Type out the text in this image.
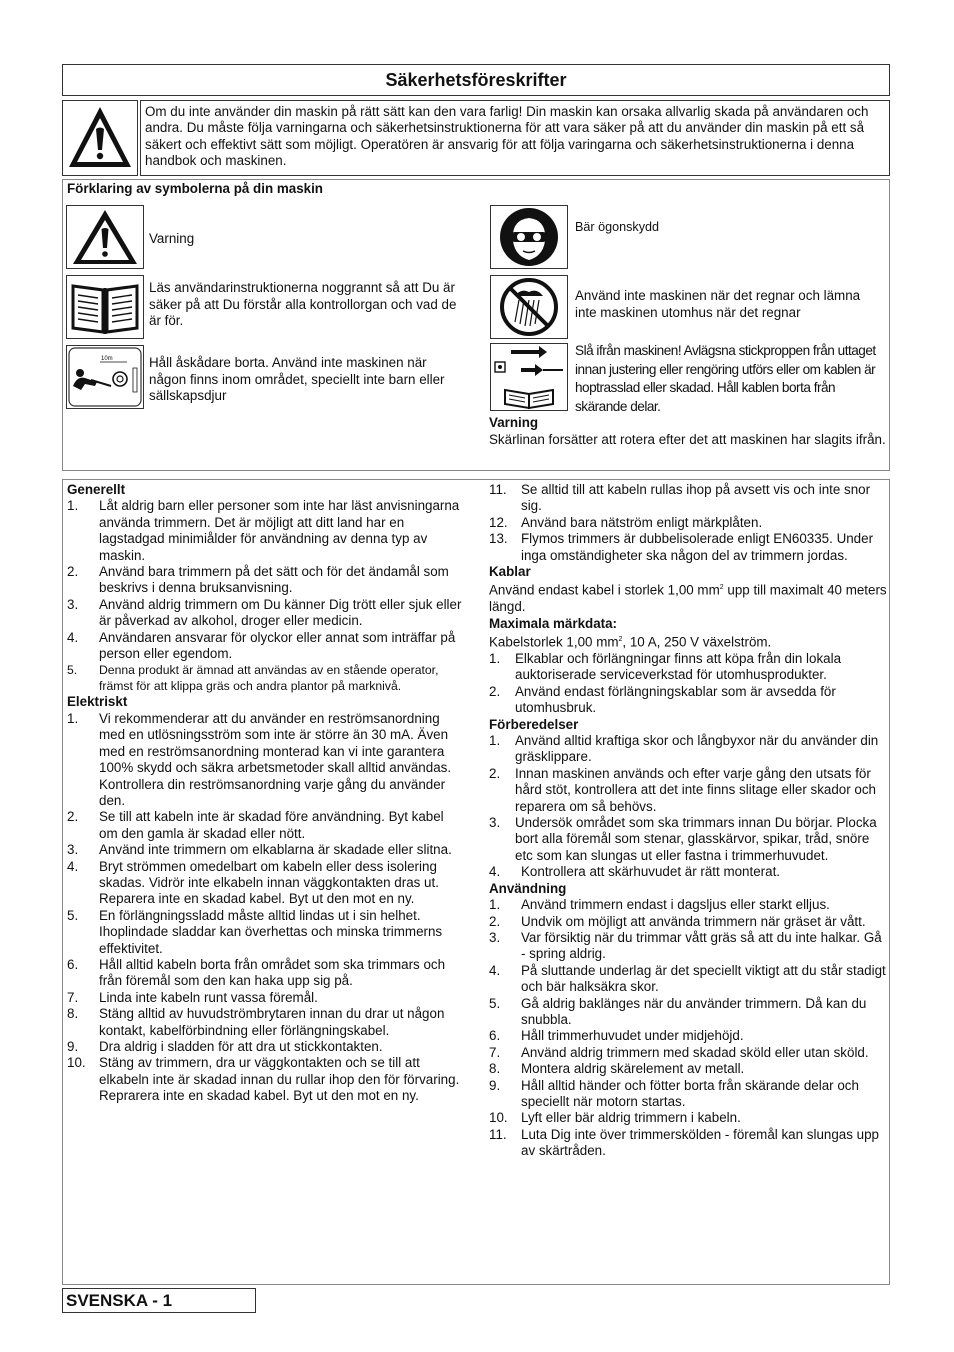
Säkerhetsföreskrifter
Om du inte använder din maskin på rätt sätt kan den vara farlig! Din maskin kan orsaka allvarlig skada på användaren och andra. Du måste följa varningarna och säkerhetsinstruktionerna för att vara säker på att du använder din maskin på ett så säkert och effektivt sätt som möjligt. Operatören är ansvarig för att följa varingarna och säkerhetsinstruktionerna i denna handbok och maskinen.
Förklaring av symbolerna på din maskin
Varning
Läs användarinstruktionerna noggrannt så att Du är säker på att Du förstår alla kontrollorgan och vad de är för.
10m	Håll åskådare borta. Använd inte maskinen när någon finns inom området, speciellt inte barn eller sällskapsdjur
Bär ögonskydd
Använd inte maskinen när det regnar och lämna inte maskinen utomhus när det regnar
Slå ifrån maskinen! Avlägsna stickproppen från uttaget innan justering eller rengöring utförs eller om kablen är hoptrasslad eller skadad. Håll kablen borta från skärande delar.
Varning
Skärlinan forsätter att rotera efter det att maskinen har slagits ifrån.
Generellt
1. Låt aldrig barn eller personer som inte har läst anvisningarna använda trimmern. Det är möjligt att ditt land har en lagstadgad minimiålder för användning av denna typ av maskin.
2. Använd bara trimmern på det sätt och för det ändamål som beskrivs i denna bruksanvisning.
3. Använd aldrig trimmern om Du känner Dig trött eller sjuk eller är påverkad av alkohol, droger eller medicin.
4. Användaren ansvarar för olyckor eller annat som inträffar på person eller egendom.
5. Denna produkt är ämnad att användas av en stående operator, främst för att klippa gräs och andra plantor på marknivå.
Elektriskt
1. Vi rekommenderar att du använder en reströmsanordning med en utlösningsström som inte är större än 30 mA. Även med en reströmsanordning monterad kan vi inte garantera 100% skydd och säkra arbetsmetoder skall alltid användas. Kontrollera din reströmsanordning varje gång du använder den.
2. Se till att kabeln inte är skadad före användning. Byt kabel om den gamla är skadad eller nött.
3. Använd inte trimmern om elkablarna är skadade eller slitna.
4. Bryt strömmen omedelbart om kabeln eller dess isolering skadas. Vidrör inte elkabeln innan väggkontakten dras ut. Reparera inte en skadad kabel. Byt ut den mot en ny.
5. En förlängningssladd måste alltid lindas ut i sin helhet. Ihoplindade sladdar kan överhettas och minska trimmerns effektivitet.
6. Håll alltid kabeln borta från området som ska trimmars och från föremål som den kan haka upp sig på.
7. Linda inte kabeln runt vassa föremål.
8. Stäng alltid av huvudströmbrytaren innan du drar ut någon kontakt, kabelförbindning eller förlängningskabel.
9. Dra aldrig i sladden för att dra ut stickkontakten.
10. Stäng av trimmern, dra ur väggkontakten och se till att elkabeln inte är skadad innan du rullar ihop den för förvaring. Reprarera inte en skadad kabel. Byt ut den mot en ny.
11. Se alltid till att kabeln rullas ihop på avsett vis och inte snor sig.
12. Använd bara nätström enligt märkplåten.
13. Flymos trimmers är dubbelisolerade enligt EN60335. Under inga omständigheter ska någon del av trimmern jordas.
Kablar
Använd endast kabel i storlek 1,00 $mm^2$ upp till maximalt 40 meters längd.
Maximala märkdata:
Kabelstorlek 1,00 $mm^2$, 10 A, 250 V växelström.
1. Elkablar och förlängningar finns att köpa från din lokala auktoriserade serviceverkstad för utomhusprodukter.
2. Använd endast förlängningskablar som är avsedda för utomhusbruk.
Förberedelser
1. Använd alltid kraftiga skor och långbyxor när du använder din gräsklippare.
2. Innan maskinen används och efter varje gång den utsats för hård stöt, kontrollera att det inte finns slitage eller skador och reparera om så behövs.
3. Undersök området som ska trimmars innan Du börjar. Plocka bort alla föremål som stenar, glasskärvor, spikar, tråd, snöre etc som kan slungas ut eller fastna i trimmerhuvudet.
4. Kontrollera att skärhuvudet är rätt monterat.
Användning
1. Använd trimmern endast i dagsljus eller starkt elljus.
2. Undvik om möjligt att använda trimmern när gräset är vått.
3. Var försiktig när du trimmar vått gräs så att du inte halkar. Gå - spring aldrig.
4. På sluttande underlag är det speciellt viktigt att du står stadigt och bär halksäkra skor.
5. Gå aldrig baklänges när du använder trimmern. Då kan du snubbla.
6. Håll trimmerhuvudet under midjehöjd.
7. Använd aldrig trimmern med skadad sköld eller utan sköld.
8. Montera aldrig skärelement av metall.
9. Håll alltid händer och fötter borta från skärande delar och speciellt när motorn startas.
10. Lyft eller bär aldrig trimmern i kabeln.
11. Luta Dig inte över trimmerskölden - föremål kan slungas upp av skärtråden.
SVENSKA - 1
